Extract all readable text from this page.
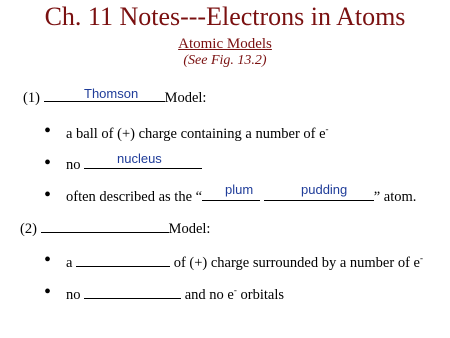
Ch. 11 Notes---Electrons in Atoms
Atomic Models
(See Fig. 13.2)
(1)	Model:
Thomson
• a ball of (+) charge containing a number of e-
• no	nucleus
• often described as the “	” atom.
plum	pudding
(2)	Model:
• a	of (+) charge surrounded by a number of e-
• no	and no e- orbitals
